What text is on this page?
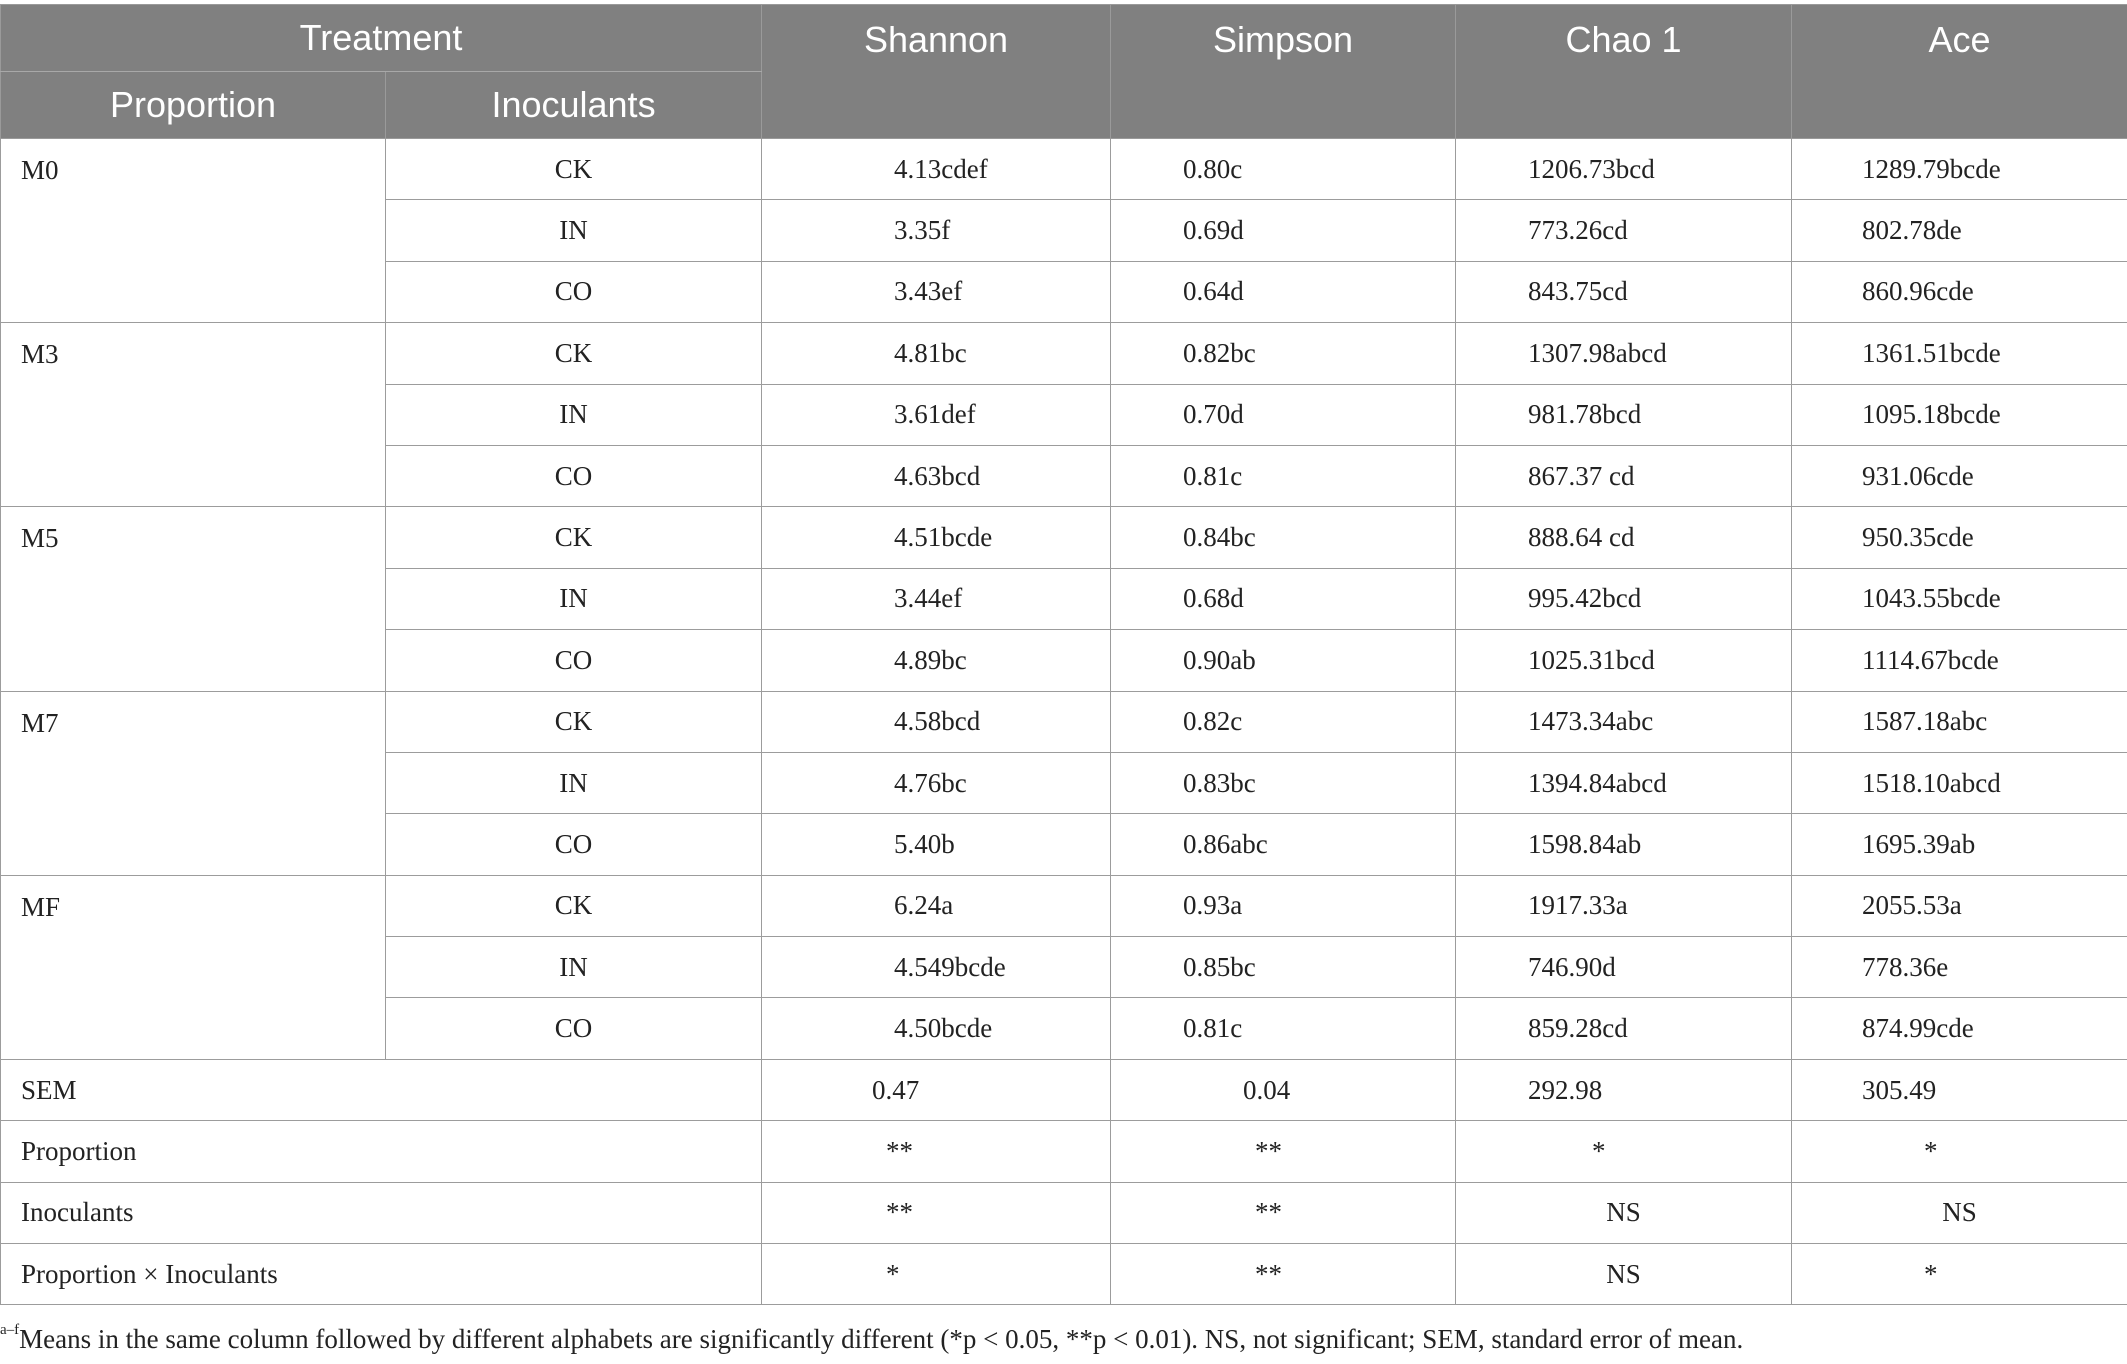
Treatment		Shannon	Simpson	Chao 1	Ace
Proportion	Inoculants				
M0	CK	4.13cdef	0.80c	1206.73bcd	1289.79bcde
	IN	3.35f	0.69d	773.26cd	802.78de
	CO	3.43ef	0.64d	843.75cd	860.96cde
M3	CK	4.81bc	0.82bc	1307.98abcd	1361.51bcde
	IN	3.61def	0.70d	981.78bcd	1095.18bcde
	CO	4.63bcd	0.81c	867.37 cd	931.06cde
M5	CK	4.51bcde	0.84bc	888.64 cd	950.35cde
	IN	3.44ef	0.68d	995.42bcd	1043.55bcde
	CO	4.89bc	0.90ab	1025.31bcd	1114.67bcde
M7	CK	4.58bcd	0.82c	1473.34abc	1587.18abc
	IN	4.76bc	0.83bc	1394.84abcd	1518.10abcd
	CO	5.40b	0.86abc	1598.84ab	1695.39ab
MF	CK	6.24a	0.93a	1917.33a	2055.53a
	IN	4.549bcde	0.85bc	746.90d	778.36e
	CO	4.50bcde	0.81c	859.28cd	874.99cde
SEM		0.47	0.04	292.98	305.49
Proportion		**	**	*	*
Inoculants		**	**	NS	NS
Proportion × Inoculants		*	**	NS	*
$^{a-f}$Means in the same column followed by different alphabets are significantly different (*p < 0.05, **p < 0.01). NS, not significant; SEM, standard error of mean.
